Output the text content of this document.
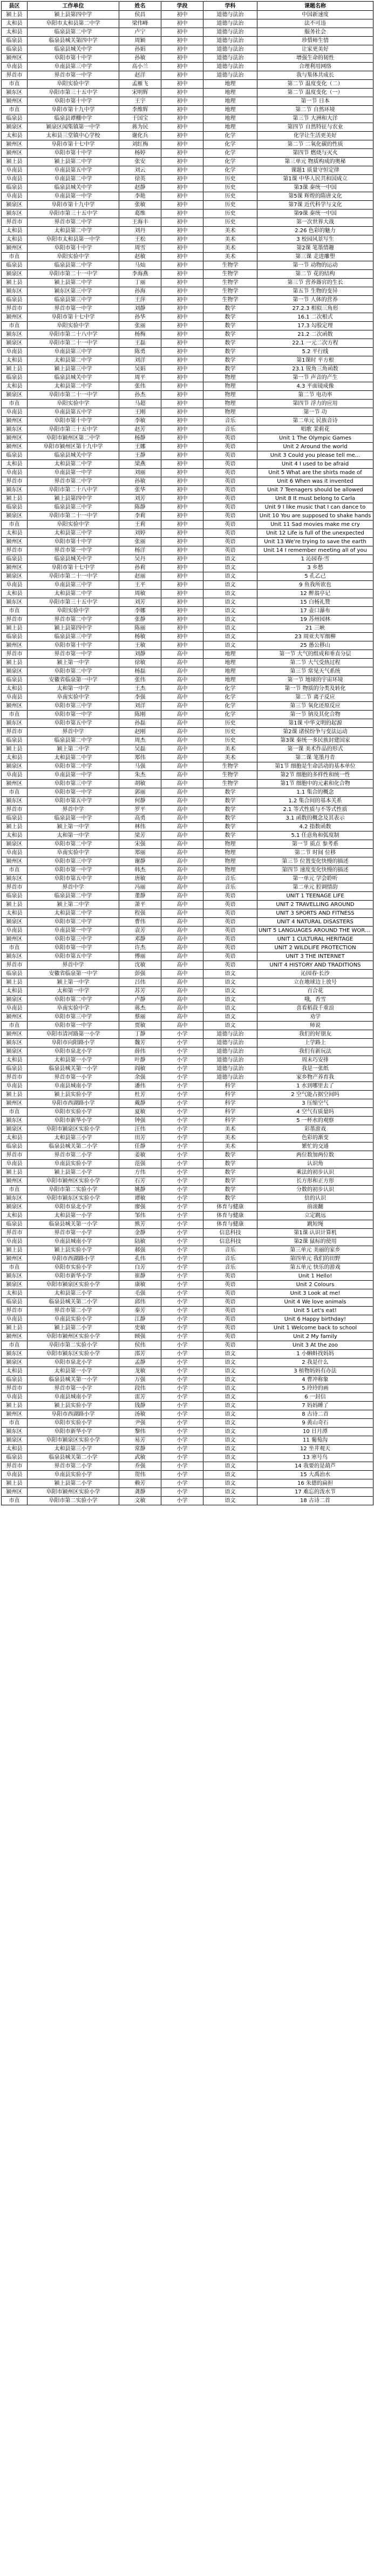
县区	工作单位	姓名	学段	学科	课题名称
颍上县	颍上县第四中学	侯昌	初中	道德与法治	中国新速度
太和县	阜阳市太和县第二中学	梁伟峰	初中	道德与法治	法不可违
太和县	临泉县第二中学	卢宁	初中	道德与法治	服务社会
临泉县	临泉县城关第四中学	周颖	初中	道德与法治	珍惜师生情
临泉县	临泉县城关中学	孙娟	初中	道德与法治	让家更美好
颍州区	阜阳市第十中学	孙敏	初中	道德与法治	增强生命的韧性
阜南县	阜南县第三中学	高小兰	初中	道德与法治	合理利用网络
界首市	界首市第一中学	赵洋	初中	道德与法治	我与集体共成长
市直	阜阳实验中学	孟雁飞	初中	地理	第二节 温度变化（二）
颍东区	阜阳市第三十五中学	宋明辉	初中	地理	第二节 温度变化（一）
颍州区	阜阳市第十中学	王宇	初中	地理	第一节 日本
市直	阜阳市第十九中学	李维辉	初中	地理	第二节 自然环境
临泉县	临泉县谭棚中学	于国宝	初中	地理	第三节 大洲和大洋
颍泉区	颍泉区闻集镇第一中学	蒋为民	初中	地理	第四节 自然特征与农业
太和县	太和县三堂镇中心学校	谢化兵	初中	化学	化学让生活更美好
颍州区	阜阳市第十七中学	刘红梅	初中	化学	第二节 二氧化碳的性质
颍州区	阜阳市第十中学	杨婷	初中	化学	第四节 燃烧与灭火
颍上县	颍上县第二中学	张安	初中	化学	第三单元 物质构成的奥秘
阜南县	阜南县第五中学	刘云	初中	化学	课题1 质量守恒定律
阜南县	阜南县第二中学	徐英	初中	历史	第1课 中华人民共和国成立
临泉县	临泉县城关中学	赵静	初中	历史	第3课 秦统一中国
阜南县	阜南县第一中学	李艳	初中	历史	第5课 辉煌的隋唐文化
颍泉区	阜阳市第十九中学	张敏	初中	历史	第7课 近代科学与文化
颍东区	阜阳市第三十五中学	葛维	初中	历史	第9课 秦统一中国
界首市	界首市第二中学	王海丰	初中	历史	第一次世界大战
太和县	太和县第二中学	刘丹	初中	美术	2.26 色彩的魅力
太和县	阜阳市太和县第一中学	王松	初中	美术	3 校园风景写生
颍州区	阜阳市第十中学	周雪	初中	美术	第2课 笔墨情趣
市直	阜阳实验中学	赵敏	初中	美术	第三课 走进雕塑
临泉县	临泉县第二中学	马灿	初中	生物学	第一节 动物的运动
颍泉区	阜阳市第二十一中学	李海燕	初中	生物学	第二节 花的结构
颍上县	颍上县第二中学	丁丽	初中	生物学	第三节 营养器官的生长
颍东区	颍东区第三中学	孙海	初中	生物学	第五节 生物的变异
临泉县	临泉县第三中学	王萍	初中	生物学	第一节 人体的营养
界首市	界首市第一中学	刘静	初中	数学	27.2.3 相似三角形
颍州区	阜阳市第十七中学	孙华	初中	数学	16.1 二次根式
市直	阜阳实验中学	张丽	初中	数学	17.3 勾股定理
颍东区	阜阳市第二十八中学	杨梅	初中	数学	21.2 二次函数
颍泉区	阜阳市第二十一中学	王磊	初中	数学	22.1 一元二次方程
阜南县	阜南县第三中学	陈勇	初中	数学	5.2 平行线
太和县	太和县第二中学	刘洋	初中	数学	第1课时 平方根
颍上县	颍上县第三中学	吴娟	初中	数学	23.1 锐角三角函数
临泉县	临泉县城关中学	周平	初中	物理	第一节 声音的产生
太和县	太和县第二中学	张伟	初中	物理	4.3 平面镜成像
颍泉区	阜阳市第二十一中学	孙杰	初中	物理	第二节 电功率
市直	阜阳实验中学	马超	初中	物理	第四节 浮力的应用
阜南县	阜南县第五中学	王刚	初中	物理	第一节 功
颍州区	阜阳市第十中学	李敏	初中	音乐	第二单元 民族音诗
颍东区	阜阳市第三十五中学	赵芳	初中	音乐	唱歌 茉莉花
颍州区	阜阳市颍州区第二中学	杨静	初中	英语	Unit 1 The Olympic Games
颍州区	阜阳市颍州区第十九中学	王娜	初中	英语	Unit 2 Around the world
临泉县	临泉县城关中学	王静	初中	英语	Unit 3 Could you please tell me...
太和县	太和县第二中学	梁燕	初中	英语	Unit 4 I used to be afraid
阜南县	阜南县第一中学	刘丽	初中	英语	Unit 5 What are the shirts made of
界首市	界首市第二中学	孙敏	初中	英语	Unit 6 When was it invented
颍东区	阜阳市第二十八中学	张华	初中	英语	Unit 7 Teenagers should be allowed
颍上县	颍上县第四中学	刘芳	初中	英语	Unit 8 It must belong to Carla
临泉县	临泉县第三中学	陈静	初中	英语	Unit 9 I like music that I can dance to
颍泉区	阜阳市第二十一中学	李莉	初中	英语	Unit 10 You are supposed to shake hands
市直	阜阳实验中学	王莉	初中	英语	Unit 11 Sad movies make me cry
太和县	太和县第三中学	刘婷	初中	英语	Unit 12 Life is full of the unexpected
颍州区	阜阳市第十中学	张丽	初中	英语	Unit 13 We're trying to save the earth
界首市	界首市第一中学	杨洋	初中	英语	Unit 14 I remember meeting all of you
临泉县	临泉县城关中学	吴丹	初中	语文	1 沁园春·雪
颍州区	阜阳市第十七中学	孙莉	初中	语文	3 乡愁
颍泉区	阜阳市第二十一中学	赵丽	初中	语文	5 孔乙己
阜南县	阜南县第三中学	王平	初中	语文	9 鱼我所欲也
太和县	太和县第二中学	周敏	初中	语文	12 醉翁亭记
颍东区	阜阳市第三十五中学	刘芳	初中	语文	15 白杨礼赞
市直	阜阳实验中学	李娜	初中	语文	17 壶口瀑布
界首市	界首市第二中学	张静	初中	语文	19 苏州园林
颍上县	颍上县第四中学	陈丽	初中	语文	21 三峡
临泉县	临泉县第三中学	杨敏	初中	语文	23 周亚夫军细柳
颍州区	阜阳市第十中学	王敏	初中	语文	25 愚公移山
界首市	界首市第一中学	刘静	高中	地理	第一节 大气的组成和垂直分层
颍上县	颍上第一中学	徐敏	高中	地理	第二节 大气受热过程
颍泉区	阜阳市第二中学	杨磊	高中	地理	第三节 常见天气系统
临泉县	安徽省临泉第一中学	张伟	高中	地理	第一节 地球的宇宙环境
太和县	太和第一中学	王杰	高中	化学	第一节 物质的分类及转化
阜南县	阜南实验中学	李强	高中	化学	第二节 离子反应
颍州区	阜阳市第三中学	刘洋	高中	化学	第三节 氧化还原反应
市直	阜阳市第一中学	陈刚	高中	化学	第一节 钠及其化合物
颍东区	阜阳市第五中学	孙磊	高中	历史	第1课 中华文明的起源
界首市	界首中学	赵刚	高中	历史	第2课 诸侯纷争与变法运动
临泉县	临泉县第二中学	周杰	高中	历史	第3课 秦统一多民族封建国家
颍上县	颍上第二中学	吴磊	高中	美术	第一课 美术作品的形式
太和县	太和县第二中学	郑伟	高中	美术	第二课 笔墨丹青
颍泉区	阜阳市第二中学	马强	高中	生物学	第1节 细胞是生命活动的基本单位
阜南县	阜南县第一中学	朱杰	高中	生物学	第2节 细胞的多样性和统一性
颍州区	阜阳市第三中学	胡敏	高中	生物学	第1节 细胞中的元素和化合物
市直	阜阳市第一中学	郭丽	高中	数学	1.1 集合的概念
颍东区	阜阳市第五中学	何静	高中	数学	1.2 集合间的基本关系
界首市	界首中学	罗平	高中	数学	2.1 等式性质与不等式性质
临泉县	临泉县第一中学	高勇	高中	数学	3.1 函数的概念及其表示
颍上县	颍上第一中学	林伟	高中	数学	4.2 指数函数
太和县	太和第一中学	梁芳	高中	数学	5.1 任意角和弧度制
颍泉区	阜阳市第二中学	宋强	高中	物理	第一节 质点 参考系
阜南县	阜南实验中学	郑丽	高中	物理	第二节 时间 位移
颍州区	阜阳市第三中学	谢静	高中	物理	第三节 位置变化快慢的描述
市直	阜阳市第一中学	韩杰	高中	物理	第四节 速度变化快慢的描述
颍东区	阜阳市第五中学	唐敏	高中	音乐	第一单元 学会聆听
界首市	界首中学	冯丽	高中	音乐	第二单元 腔调情韵
临泉县	临泉县第二中学	董静	高中	英语	UNIT 1 TEENAGE LIFE
颍上县	颍上第二中学	萧平	高中	英语	UNIT 2 TRAVELLING AROUND
太和县	太和县第二中学	程强	高中	英语	UNIT 3 SPORTS AND FITNESS
颍泉区	阜阳市第二中学	曹伟	高中	英语	UNIT 4 NATURAL DISASTERS
阜南县	阜南县第一中学	袁芳	高中	英语	UNIT 5 LANGUAGES AROUND THE WORLD
颍州区	阜阳市第三中学	邓静	高中	英语	UNIT 1 CULTURAL HERITAGE
市直	阜阳市第一中学	许杰	高中	英语	UNIT 2 WILDLIFE PROTECTION
颍东区	阜阳市第五中学	傅丽	高中	英语	UNIT 3 THE INTERNET
界首市	界首中学	沈敏	高中	英语	UNIT 4 HISTORY AND TRADITIONS
临泉县	安徽省临泉第一中学	彭强	高中	语文	沁园春·长沙
颍上县	颍上第一中学	吕伟	高中	语文	立在地球边上放号
太和县	太和第一中学	苏芳	高中	语文	百合花
颍泉区	阜阳市第二中学	卢静	高中	语文	哦，香雪
阜南县	阜南实验中学	蒋杰	高中	语文	喜看稻菽千重浪
颍州区	阜阳市第三中学	蔡丽	高中	语文	劝学
市直	阜阳市第一中学	贾敏	高中	语文	师说
颍州区	阜阳市清河路第一小学	丁静	小学	道德与法治	我们的好朋友
颍东区	阜阳市向阳路小学	魏芳	小学	道德与法治	上学路上
颍泉区	阜阳市泉北小学	薛伟	小学	道德与法治	我们有新玩法
太和县	太和县第一小学	叶静	小学	道德与法治	周末巧安排
临泉县	临泉县城关第一小学	阎敏	小学	道德与法治	我是一张纸
界首市	界首市第一小学	余强	小学	道德与法治	家乡物产养育我
阜南县	阜南县城南小学	潘伟	小学	科学	1 水到哪里去了
颍上县	颍上县实验小学	杜芳	小学	科学	2 空气能占据空间吗
颍州区	阜阳市西湖路小学	戴静	小学	科学	3 压缩空气
市直	阜阳市实验小学	夏敏	小学	科学	4 空气有质量吗
颍东区	阜阳市新华小学	钟强	小学	科学	5 一杯水的观察
颍泉区	阜阳市颍泉区实验小学	汪伟	小学	美术	彩墨游戏
太和县	太和县第三小学	田芳	小学	美术	色彩的渐变
临泉县	临泉县城关第二小学	任静	小学	美术	繁忙的交通
界首市	界首市第二小学	姜敏	小学	数学	两位数加两位数
阜南县	阜南县实验小学	范强	小学	数学	认识角
颍上县	颍上县第二小学	方伟	小学	数学	乘法的初步认识
颍州区	阜阳市颍州区实验小学	石芳	小学	数学	长方形和正方形
市直	阜阳市第二实验小学	姚静	小学	数学	分数的初步认识
颍东区	阜阳市颍东区实验小学	谭敏	小学	数学	倍的认识
颍泉区	阜阳市泉北小学	廖强	小学	体育与健康	前滚翻
太和县	太和县第一小学	邹伟	小学	体育与健康	立定跳远
临泉县	临泉县城关第一小学	熊芳	小学	体育与健康	跳短绳
界首市	界首市第一小学	金静	小学	信息科技	第1课 认识计算机
阜南县	阜南县城南小学	陆敏	小学	信息科技	第2课 鼠标的使用
颍上县	颍上县实验小学	郝强	小学	音乐	第三单元 美丽的家乡
颍州区	阜阳市西湖路小学	孔伟	小学	音乐	第四单元 我们的田野
市直	阜阳市实验小学	白芳	小学	音乐	第五单元 快乐的游戏
颍东区	阜阳市新华小学	崔静	小学	英语	Unit 1 Hello!
颍泉区	阜阳市颍泉区实验小学	康敏	小学	英语	Unit 2 Colours
太和县	太和县第三小学	毛强	小学	英语	Unit 3 Look at me!
临泉县	临泉县城关第二小学	邱伟	小学	英语	Unit 4 We love animals
界首市	界首市第二小学	秦芳	小学	英语	Unit 5 Let's eat!
阜南县	阜南县实验小学	江静	小学	英语	Unit 6 Happy birthday!
颍上县	颍上县第二小学	史敏	小学	英语	Unit 1 Welcome back to school
颍州区	阜阳市颍州区实验小学	顾强	小学	英语	Unit 2 My family
市直	阜阳市第二实验小学	侯伟	小学	英语	Unit 3 At the zoo
颍东区	阜阳市颍东区实验小学	邵芳	小学	语文	1 小蝌蚪找妈妈
颍泉区	阜阳市泉北小学	孟静	小学	语文	2 我是什么
太和县	太和县第一小学	龙敏	小学	语文	3 植物妈妈有办法
临泉县	临泉县城关第一小学	万强	小学	语文	4 曹冲称象
界首市	界首市第一小学	段伟	小学	语文	5 玲玲的画
阜南县	阜南县城南小学	雷芳	小学	语文	6 一封信
颍上县	颍上县实验小学	钱静	小学	语文	7 妈妈睡了
颍州区	阜阳市西湖路小学	汤敏	小学	语文	8 古诗二首
市直	阜阳市实验小学	尹强	小学	语文	9 黄山奇石
颍东区	阜阳市新华小学	黎伟	小学	语文	10 日月潭
颍泉区	阜阳市颍泉区实验小学	易芳	小学	语文	11 葡萄沟
太和县	太和县第三小学	常静	小学	语文	12 坐井观天
临泉县	临泉县城关第二小学	武敏	小学	语文	13 寒号鸟
界首市	界首市第二小学	乔强	小学	语文	14 我要的是葫芦
阜南县	阜南县实验小学	贺伟	小学	语文	15 大禹治水
颍上县	颍上县第二小学	赖芳	小学	语文	16 朱德的扁担
颍州区	阜阳市颍州区实验小学	龚静	小学	语文	17 难忘的泼水节
市直	阜阳市第二实验小学	文敏	小学	语文	18 古诗二首
